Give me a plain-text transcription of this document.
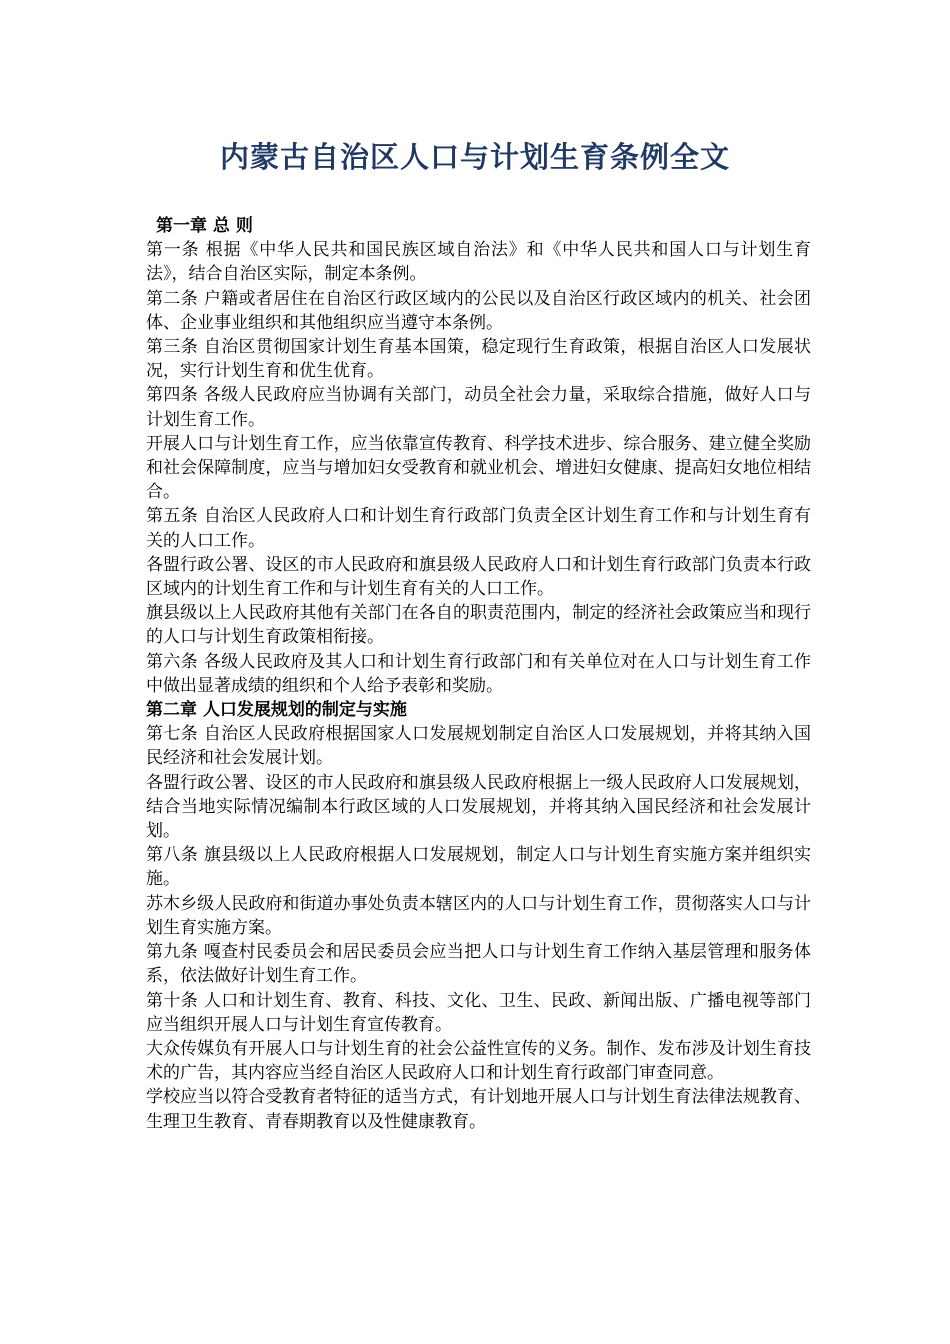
内蒙古自治区人口与计划生育条例全文

第一章 总 则

第一条 根据《中华人民共和国民族区域自治法》和《中华人民共和国人口与计划生育法》，结合自治区实际，制定本条例。

第二条 户籍或者居住在自治区行政区域内的公民以及自治区行政区域内的机关、社会团体、企业事业组织和其他组织应当遵守本条例。

第三条 自治区贯彻国家计划生育基本国策，稳定现行生育政策，根据自治区人口发展状况，实行计划生育和优生优育。

第四条 各级人民政府应当协调有关部门，动员全社会力量，采取综合措施，做好人口与计划生育工作。

开展人口与计划生育工作，应当依靠宣传教育、科学技术进步、综合服务、建立健全奖励和社会保障制度，应当与增加妇女受教育和就业机会、增进妇女健康、提高妇女地位相结合。

第五条 自治区人民政府人口和计划生育行政部门负责全区计划生育工作和与计划生育有关的人口工作。

各盟行政公署、设区的市人民政府和旗县级人民政府人口和计划生育行政部门负责本行政区域内的计划生育工作和与计划生育有关的人口工作。

旗县级以上人民政府其他有关部门在各自的职责范围内，制定的经济社会政策应当和现行的人口与计划生育政策相衔接。

第六条 各级人民政府及其人口和计划生育行政部门和有关单位对在人口与计划生育工作中做出显著成绩的组织和个人给予表彰和奖励。

第二章 人口发展规划的制定与实施

第七条 自治区人民政府根据国家人口发展规划制定自治区人口发展规划，并将其纳入国民经济和社会发展计划。

各盟行政公署、设区的市人民政府和旗县级人民政府根据上一级人民政府人口发展规划，结合当地实际情况编制本行政区域的人口发展规划，并将其纳入国民经济和社会发展计划。

第八条 旗县级以上人民政府根据人口发展规划，制定人口与计划生育实施方案并组织实施。

苏木乡级人民政府和街道办事处负责本辖区内的人口与计划生育工作，贯彻落实人口与计划生育实施方案。

第九条 嘎查村民委员会和居民委员会应当把人口与计划生育工作纳入基层管理和服务体系，依法做好计划生育工作。

第十条 人口和计划生育、教育、科技、文化、卫生、民政、新闻出版、广播电视等部门应当组织开展人口与计划生育宣传教育。

大众传媒负有开展人口与计划生育的社会公益性宣传的义务。制作、发布涉及计划生育技术的广告，其内容应当经自治区人民政府人口和计划生育行政部门审查同意。

学校应当以符合受教育者特征的适当方式，有计划地开展人口与计划生育法律法规教育、生理卫生教育、青春期教育以及性健康教育。
